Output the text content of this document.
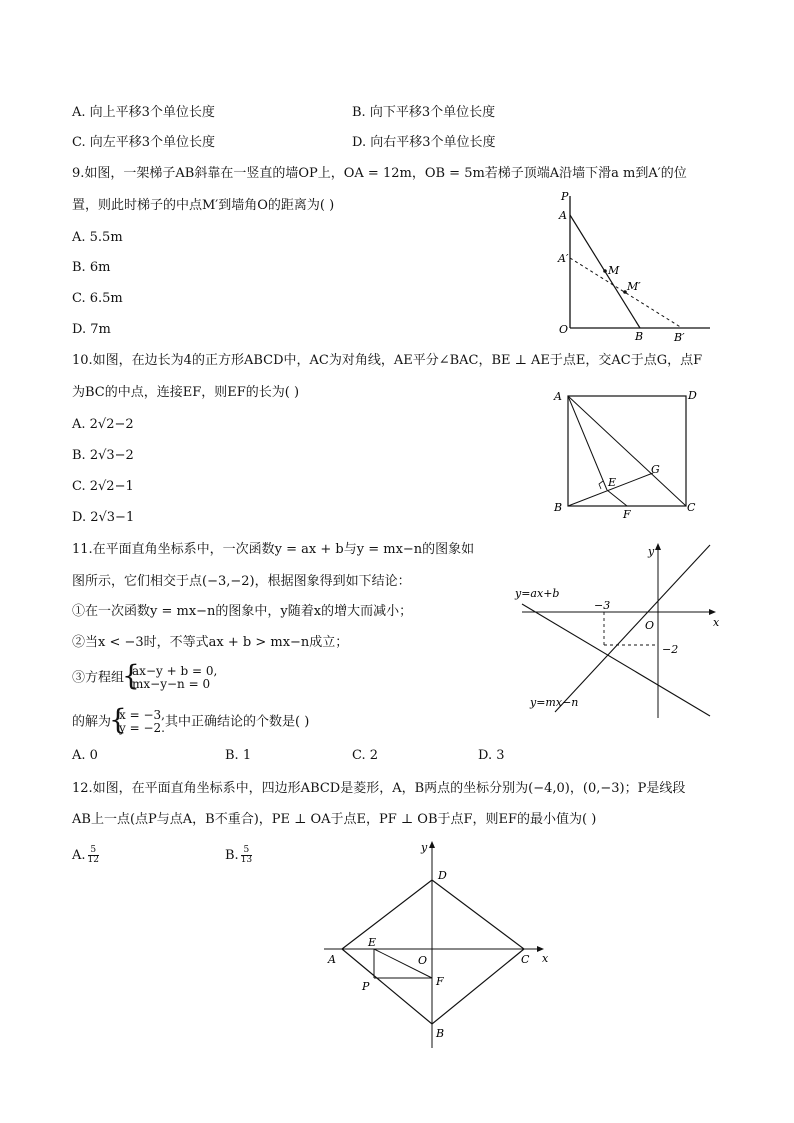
A. 向上平移3个单位长度	B. 向下平移3个单位长度
C. 向左平移3个单位长度	D. 向右平移3个单位长度
9.如图，一架梯子AB斜靠在一竖直的墙OP上，OA = 12m，OB = 5m若梯子顶端A沿墙下滑a m到A′的位
置，则此时梯子的中点M′到墙角O的距离为( )
A. 5.5m
B. 6m
C. 6.5m
D. 7m
P
A
A′
M
M′
O
B	B′
10.如图，在边长为4的正方形ABCD中，AC为对角线，AE平分∠BAC，BE ⊥ AE于点E，交AC于点G，点F
为BC的中点，连接EF，则EF的长为( )
A. 2√2−2
B. 2√3−2
C. 2√2−1
D. 2√3−1
A	D
B	C
E
G
F
11.在平面直角坐标系中，一次函数y = ax + b与y = mx−n的图象如
图所示，它们相交于点(−3,−2)，根据图象得到如下结论：
①在一次函数y = mx−n的图象中，y随着x的增大而减小；
②当x < −3时，不等式ax + b > mx−n成立；
③方程组 { ax−y + b = 0,
mx−y−n = 0
的解为 { x = −3,
y = −2. 其中正确结论的个数是( )
A. 0	B. 1	C. 2	D. 3
y
x
O
y=ax+b
y=mx−n
−3
−2
12.如图，在平面直角坐标系中，四边形ABCD是菱形，A，B两点的坐标分别为(−4,0)，(0,−3)；P是线段
AB上一点(点P与点A，B不重合)，PE ⊥ OA于点E，PF ⊥ OB于点F，则EF的最小值为( )
A. $\frac{5}{12}$	B. $\frac{5}{13}$	y
x
D
A	C
B
E
O
F
P
